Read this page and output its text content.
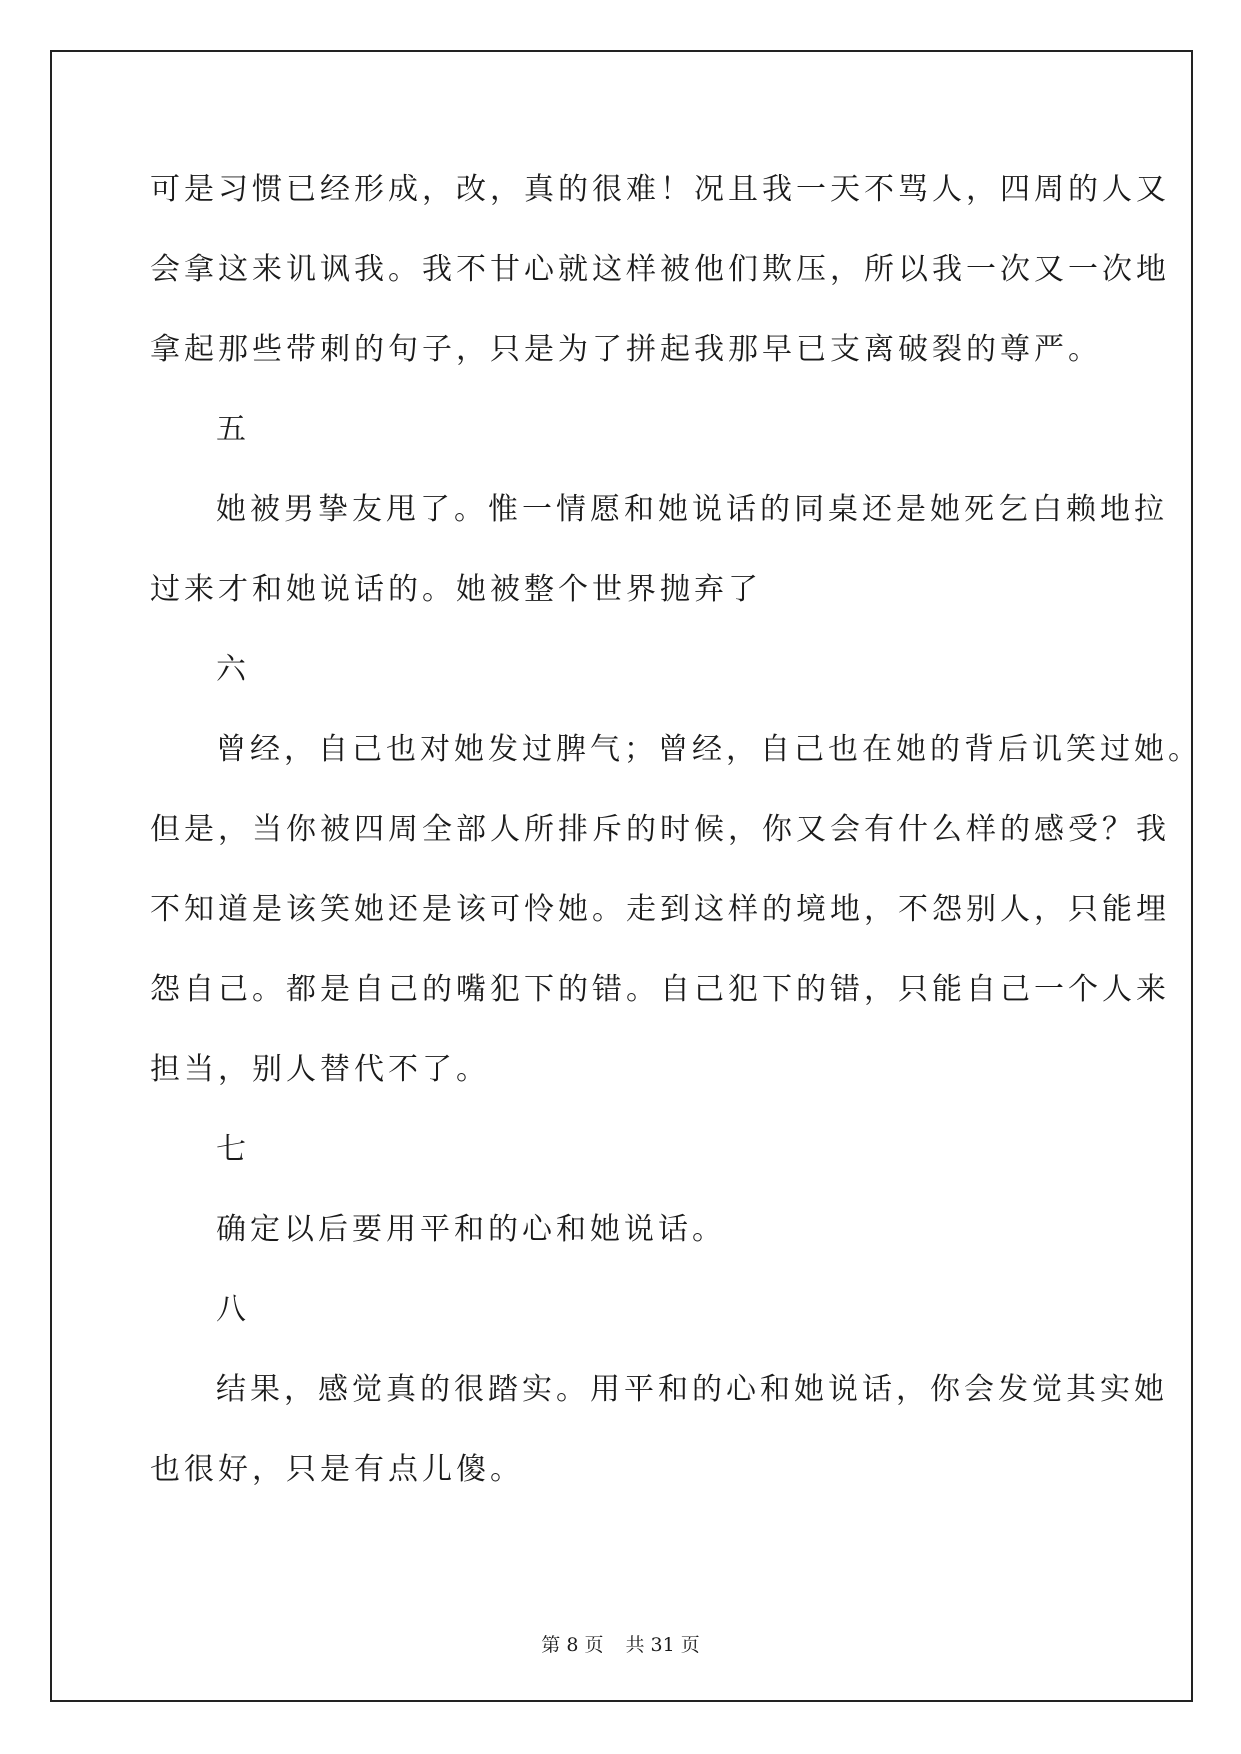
可是习惯已经形成，改，真的很难！况且我一天不骂人，四周的人又
会拿这来讥讽我。我不甘心就这样被他们欺压，所以我一次又一次地
拿起那些带刺的句子，只是为了拼起我那早已支离破裂的尊严。
五
她被男挚友甩了。惟一情愿和她说话的同桌还是她死乞白赖地拉
过来才和她说话的。她被整个世界抛弃了
六
曾经，自己也对她发过脾气；曾经，自己也在她的背后讥笑过她。
但是，当你被四周全部人所排斥的时候，你又会有什么样的感受？我
不知道是该笑她还是该可怜她。走到这样的境地，不怨别人，只能埋
怨自己。都是自己的嘴犯下的错。自己犯下的错，只能自己一个人来
担当，别人替代不了。
七
确定以后要用平和的心和她说话。
八
结果，感觉真的很踏实。用平和的心和她说话，你会发觉其实她
也很好，只是有点儿傻。
第 8 页 共 31 页
